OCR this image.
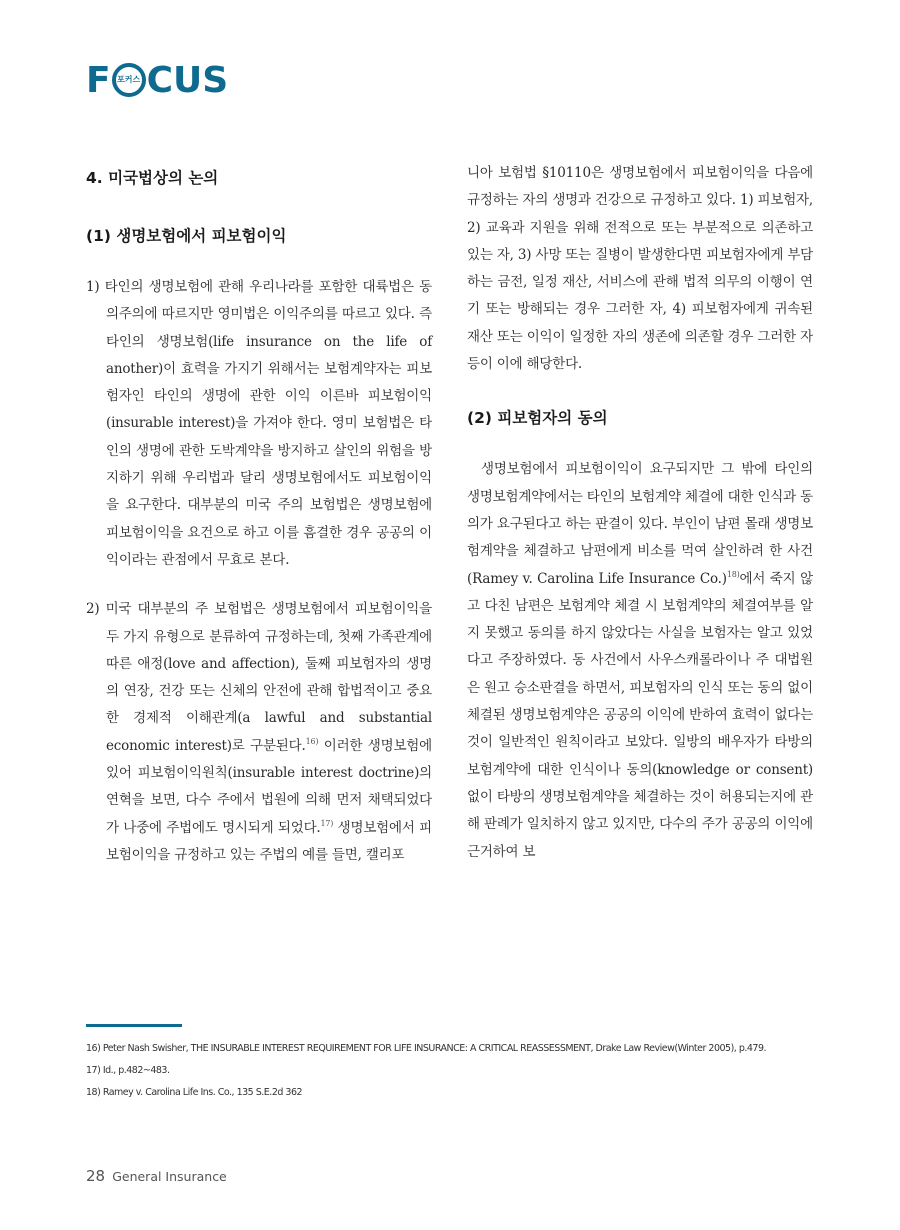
F 포커스 CUS
4. 미국법상의 논의
(1) 생명보험에서 피보험이익

1) 타인의 생명보험에 관해 우리나라를 포함한 대륙법은 동의주의에 따르지만 영미법은 이익주의를 따르고 있다. 즉 타인의 생명보험(life insurance on the life of another)이 효력을 가지기 위해서는 보험계약자는 피보험자인 타인의 생명에 관한 이익 이른바 피보험이익(insurable interest)을 가져야 한다. 영미 보험법은 타인의 생명에 관한 도박계약을 방지하고 살인의 위험을 방지하기 위해 우리법과 달리 생명보험에서도 피보험이익을 요구한다. 대부분의 미국 주의 보험법은 생명보험에 피보험이익을 요건으로 하고 이를 흠결한 경우 공공의 이익이라는 관점에서 무효로 본다.

2) 미국 대부분의 주 보험법은 생명보험에서 피보험이익을 두 가지 유형으로 분류하여 규정하는데, 첫째 가족관계에 따른 애정(love and affection), 둘째 피보험자의 생명의 연장, 건강 또는 신체의 안전에 관해 합법적이고 중요한 경제적 이해관계(a lawful and substantial economic interest)로 구분된다.$^{16)}$ 이러한 생명보험에 있어 피보험이익원칙(insurable interest doctrine)의 연혁을 보면, 다수 주에서 법원에 의해 먼저 채택되었다가 나중에 주법에도 명시되게 되었다.$^{17)}$ 생명보험에서 피보험이익을 규정하고 있는 주법의 예를 들면, 캘리포

니아 보험법 §10110은 생명보험에서 피보험이익을 다음에 규정하는 자의 생명과 건강으로 규정하고 있다. 1) 피보험자, 2) 교육과 지원을 위해 전적으로 또는 부분적으로 의존하고 있는 자, 3) 사망 또는 질병이 발생한다면 피보험자에게 부담하는 금전, 일정 재산, 서비스에 관해 법적 의무의 이행이 연기 또는 방해되는 경우 그러한 자, 4) 피보험자에게 귀속된 재산 또는 이익이 일정한 자의 생존에 의존할 경우 그러한 자 등이 이에 해당한다.

(2) 피보험자의 동의

생명보험에서 피보험이익이 요구되지만 그 밖에 타인의 생명보험계약에서는 타인의 보험계약 체결에 대한 인식과 동의가 요구된다고 하는 판결이 있다. 부인이 남편 몰래 생명보험계약을 체결하고 남편에게 비소를 먹여 살인하려 한 사건(Ramey v. Carolina Life Insurance Co.)$^{18)}$에서 죽지 않고 다친 남편은 보험계약 체결 시 보험계약의 체결여부를 알지 못했고 동의를 하지 않았다는 사실을 보험자는 알고 있었다고 주장하였다. 동 사건에서 사우스캐롤라이나 주 대법원은 원고 승소판결을 하면서, 피보험자의 인식 또는 동의 없이 체결된 생명보험계약은 공공의 이익에 반하여 효력이 없다는 것이 일반적인 원칙이라고 보았다. 일방의 배우자가 타방의 보험계약에 대한 인식이나 동의(knowledge or consent) 없이 타방의 생명보험계약을 체결하는 것이 허용되는지에 관해 판례가 일치하지 않고 있지만, 다수의 주가 공공의 이익에 근거하여 보

16) Peter Nash Swisher, THE INSURABLE INTEREST REQUIREMENT FOR LIFE INSURANCE: A CRITICAL REASSESSMENT, Drake Law Review(Winter 2005), p.479.
17) Id., p.482~483.
18) Ramey v. Carolina Life Ins. Co., 135 S.E.2d 362
28 General Insurance
